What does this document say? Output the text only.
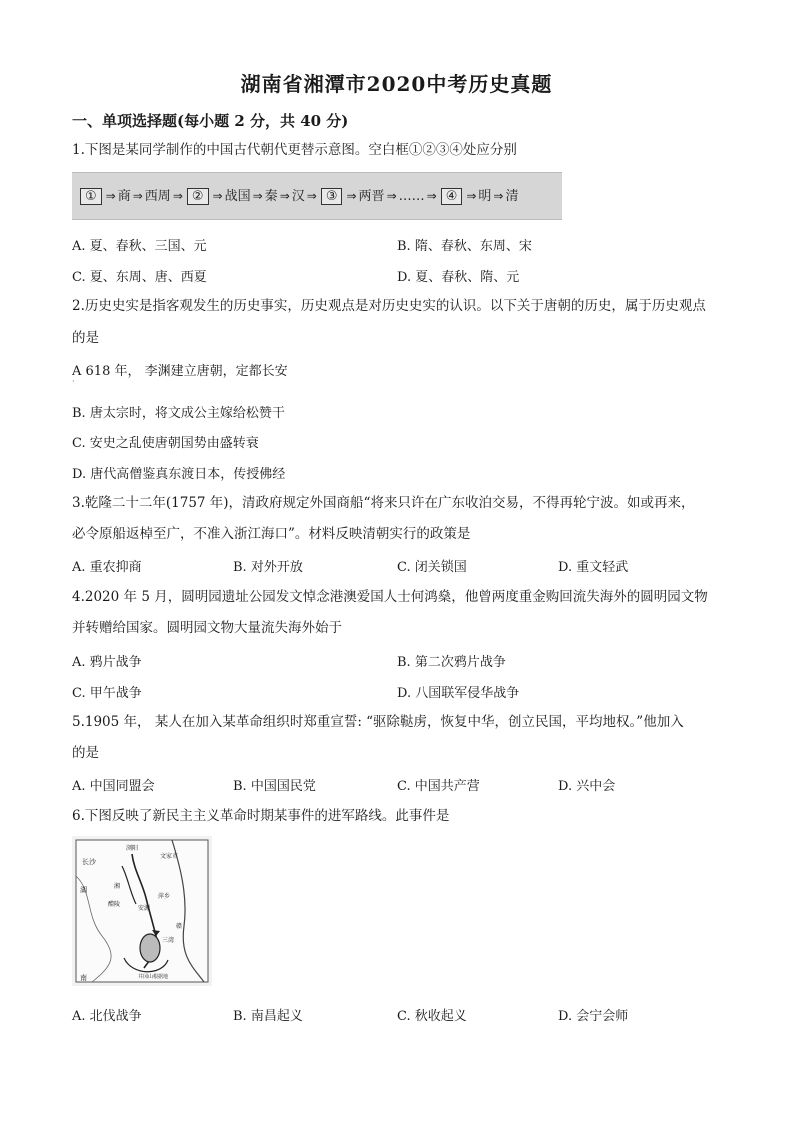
湖南省湘潭市2020中考历史真题
一、单项选择题(每小题 2 分，共 40 分)
1.下图是某同学制作的中国古代朝代更替示意图。空白框①②③④处应分别
① ⇒ 商 ⇒ 西周 ⇒ ② ⇒ 战国 ⇒ 秦 ⇒ 汉 ⇒ ③ ⇒ 两晋 ⇒ …… ⇒ ④ ⇒ 明 ⇒ 清
A. 夏、春秋、三国、元	B. 隋、春秋、东周、宋
C. 夏、东周、唐、西夏	D. 夏、春秋、隋、元
2.历史史实是指客观发生的历史事实，历史观点是对历史史实的认识。以下关于唐朝的历史，属于历史观点
的是
A 618 年， 李渊建立唐朝，定都长安
·
B. 唐太宗时，将文成公主嫁给松赞干
C. 安史之乱使唐朝国势由盛转衰
D. 唐代高僧鉴真东渡日本，传授佛经
3.乾隆二十二年(1757 年)，清政府规定外国商船“将来只许在广东收泊交易，不得再轮宁波。如或再来，
必令原船返棹至广，不准入浙江海口”。材料反映清朝实行的政策是
A. 重农抑商	B. 对外开放	C. 闭关锁国	D. 重文轻武
4.2020 年 5 月，圆明园遗址公园发文悼念港澳爱国人士何鸿燊，他曾两度重金购回流失海外的圆明园文物
并转赠给国家。圆明园文物大量流失海外始于
A. 鸦片战争	B. 第二次鸦片战争
C. 甲午战争	D. 八国联军侵华战争
5.1905 年， 某人在加入某革命组织时郑重宣誓: “驱除鞑虏，恢复中华，创立民国，平均地权。”他加入
的是
A. 中国同盟会	B. 中国国民党	C. 中国共产营	D. 兴中会
6.下图反映了新民主主义革命时期某事件的进军路线。此事件是
浏阳
长沙
文家市
湘
醴陵
安源
萍乡
三湾
赣
湖
南	井冈山根据地
A. 北伐战争	B. 南昌起义	C. 秋收起义	D. 会宁会师
